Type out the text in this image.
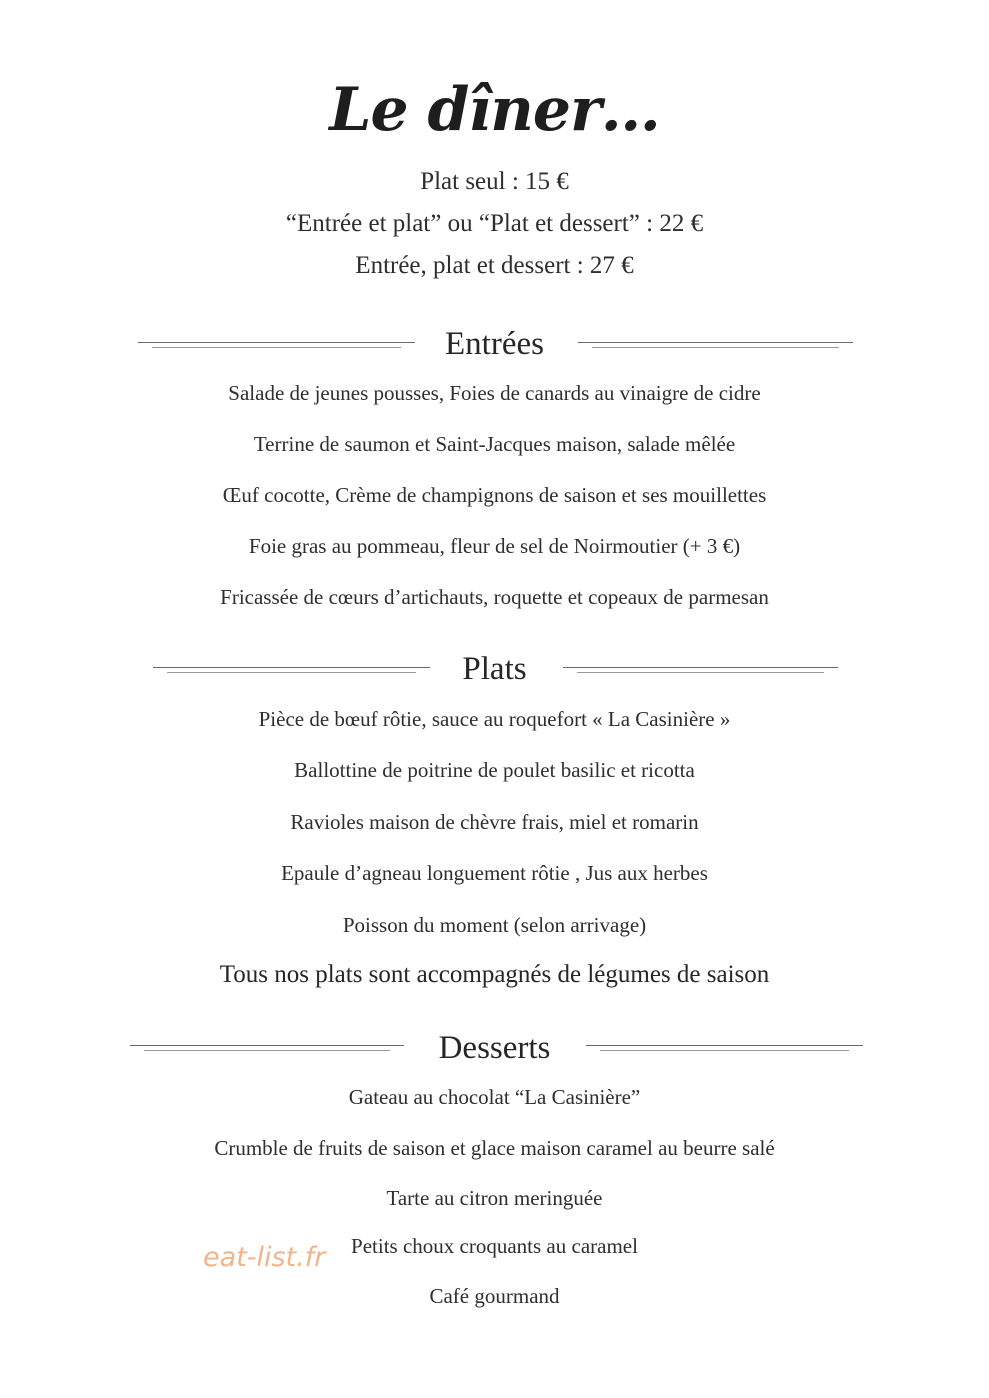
Le dîner…
Plat seul : 15 €
“Entrée et plat” ou “Plat et dessert” : 22 €
Entrée, plat et dessert : 27 €
Entrées
Salade de jeunes pousses, Foies de canards au vinaigre de cidre
Terrine de saumon et Saint-Jacques maison, salade mêlée
Œuf cocotte, Crème de champignons de saison et ses mouillettes
Foie gras au pommeau, fleur de sel de Noirmoutier (+ 3 €)
Fricassée de cœurs d’artichauts, roquette et copeaux de parmesan
Plats
Pièce de bœuf rôtie, sauce au roquefort « La Casinière »
Ballottine de poitrine de poulet basilic et ricotta
Ravioles maison de chèvre frais, miel et romarin
Epaule d’agneau longuement rôtie , Jus aux herbes
Poisson du moment (selon arrivage)
Tous nos plats sont accompagnés de légumes de saison
Desserts
Gateau au chocolat “La Casinière”
Crumble de fruits de saison et glace maison caramel au beurre salé
Tarte au citron meringuée
Petits choux croquants au caramel
Café gourmand
eat-list.fr
